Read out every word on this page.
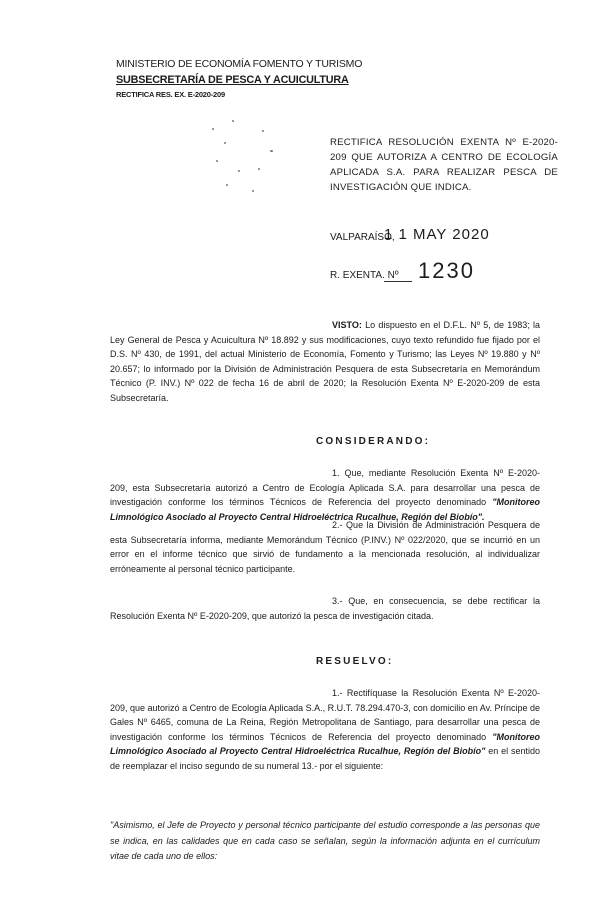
MINISTERIO DE ECONOMÍA FOMENTO Y TURISMO
SUBSECRETARÍA DE PESCA Y ACUICULTURA
RECTIFICA RES. EX. E-2020-209
RECTIFICA RESOLUCIÓN EXENTA Nº E-2020-209 QUE AUTORIZA A CENTRO DE ECOLOGÍA APLICADA S.A. PARA REALIZAR PESCA DE INVESTIGACIÓN QUE INDICA.
VALPARAÍSO,
1 1 MAY 2020
R. EXENTA. Nº 1230
VISTO: Lo dispuesto en el D.F.L. Nº 5, de 1983; la Ley General de Pesca y Acuicultura Nº 18.892 y sus modificaciones, cuyo texto refundido fue fijado por el D.S. Nº 430, de 1991, del actual Ministerio de Economía, Fomento y Turismo; las Leyes Nº 19.880 y Nº 20.657; lo informado por la División de Administración Pesquera de esta Subsecretaría en Memorándum Técnico (P. INV.) Nº 022 de fecha 16 de abril de 2020; la Resolución Exenta Nº E-2020-209 de esta Subsecretaría.
CONSIDERANDO:
1. Que, mediante Resolución Exenta Nº E-2020-209, esta Subsecretaría autorizó a Centro de Ecología Aplicada S.A. para desarrollar una pesca de investigación conforme los términos Técnicos de Referencia del proyecto denominado "Monitoreo Limnológico Asociado al Proyecto Central Hidroeléctrica Rucalhue, Región del Biobío".
2.- Que la División de Administración Pesquera de esta Subsecretaría informa, mediante Memorándum Técnico (P.INV.) Nº 022/2020, que se incurrió en un error en el informe técnico que sirvió de fundamento a la mencionada resolución, al individualizar erróneamente al personal técnico participante.
3.- Que, en consecuencia, se debe rectificar la Resolución Exenta Nº E-2020-209, que autorizó la pesca de investigación citada.
RESUELVO:
1.- Rectifíquase la Resolución Exenta Nº E-2020-209, que autorizó a Centro de Ecología Aplicada S.A., R.U.T. 78.294.470-3, con domicilio en Av. Príncipe de Gales Nº 6465, comuna de La Reina, Región Metropolitana de Santiago, para desarrollar una pesca de investigación conforme los términos Técnicos de Referencia del proyecto denominado "Monitoreo Limnológico Asociado al Proyecto Central Hidroeléctrica Rucalhue, Región del Biobío" en el sentido de reemplazar el inciso segundo de su numeral 13.- por el siguiente:
"Asimismo, el Jefe de Proyecto y personal técnico participante del estudio corresponde a las personas que se indica, en las calidades que en cada caso se señalan, según la información adjunta en el currículum vitae de cada uno de ellos:
